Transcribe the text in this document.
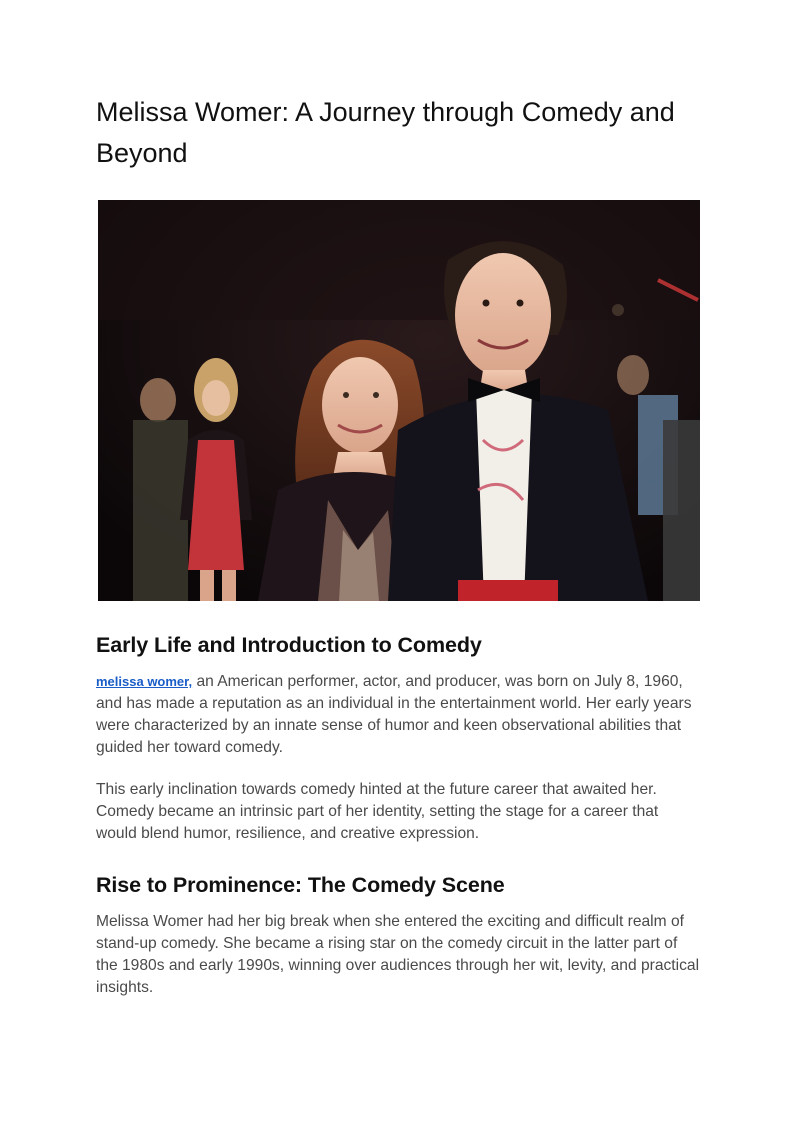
Melissa Womer: A Journey through Comedy and Beyond
Early Life and Introduction to Comedy

melissa womer, an American performer, actor, and producer, was born on July 8, 1960, and has made a reputation as an individual in the entertainment world. Her early years were characterized by an innate sense of humor and keen observational abilities that guided her toward comedy.

This early inclination towards comedy hinted at the future career that awaited her. Comedy became an intrinsic part of her identity, setting the stage for a career that would blend humor, resilience, and creative expression.

Rise to Prominence: The Comedy Scene

Melissa Womer had her big break when she entered the exciting and difficult realm of stand-up comedy. She became a rising star on the comedy circuit in the latter part of the 1980s and early 1990s, winning over audiences through her wit, levity, and practical insights.
